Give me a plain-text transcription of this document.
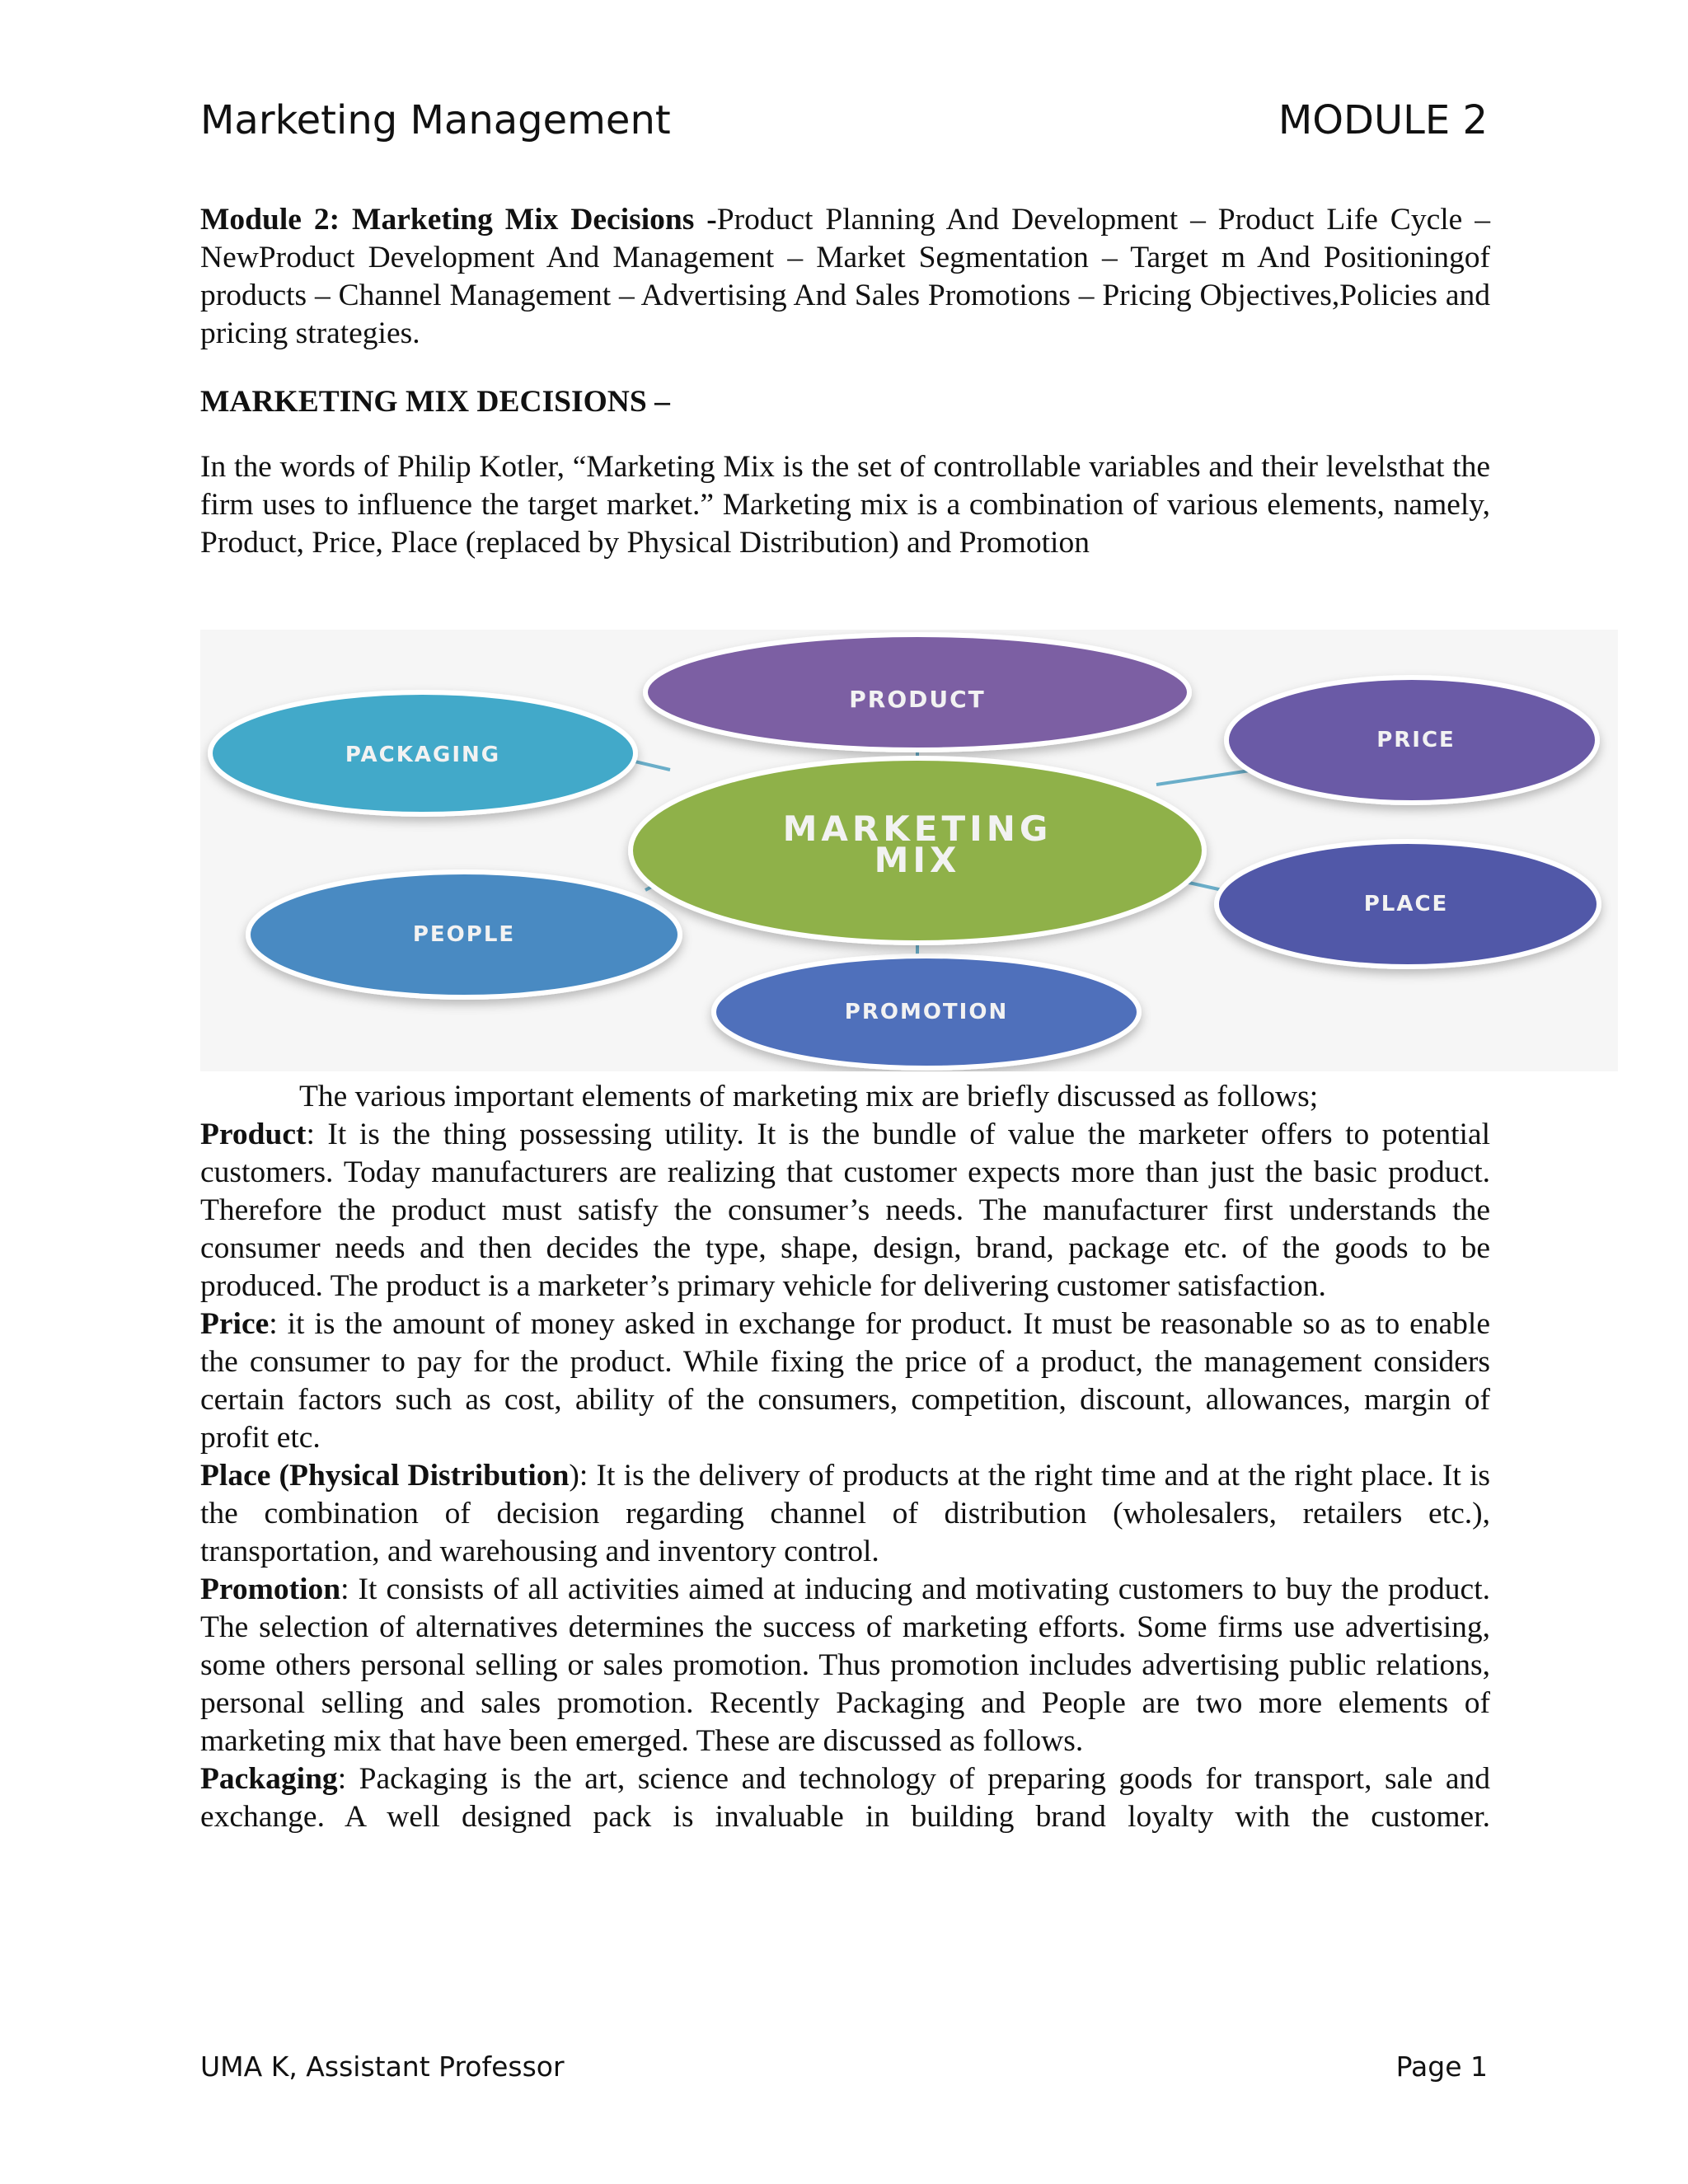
Marketing Management	MODULE 2
Module 2: Marketing Mix Decisions -Product Planning And Development – Product Life Cycle – NewProduct Development And Management – Market Segmentation – Target m And Positioningof products – Channel Management – Advertising And Sales Promotions – Pricing Objectives,Policies and pricing strategies.
MARKETING MIX DECISIONS –
In the words of Philip Kotler, “Marketing Mix is the set of controllable variables and their levelsthat the firm uses to influence the target market.” Marketing mix is a combination of various elements, namely, Product, Price, Place (replaced by Physical Distribution) and Promotion
PRODUCT
PACKAGING
PRICE
PLACE
PEOPLE
PROMOTION
MARKETING
MIX
The various important elements of marketing mix are briefly discussed as follows;

Product: It is the thing possessing utility. It is the bundle of value the marketer offers to potential customers. Today manufacturers are realizing that customer expects more than just the basic product. Therefore the product must satisfy the consumer’s needs. The manufacturer first understands the consumer needs and then decides the type, shape, design, brand, package etc. of the goods to be produced. The product is a marketer’s primary vehicle for delivering customer satisfaction.

Price: it is the amount of money asked in exchange for product. It must be reasonable so as to enable the consumer to pay for the product. While fixing the price of a product, the management considers certain factors such as cost, ability of the consumers, competition, discount, allowances, margin of profit etc.

Place (Physical Distribution): It is the delivery of products at the right time and at the right place. It is the combination of decision regarding channel of distribution (wholesalers, retailers etc.), transportation, and warehousing and inventory control.

Promotion: It consists of all activities aimed at inducing and motivating customers to buy the product. The selection of alternatives determines the success of marketing efforts. Some firms use advertising, some others personal selling or sales promotion. Thus promotion includes advertising public relations, personal selling and sales promotion. Recently Packaging and People are two more elements of marketing mix that have been emerged. These are discussed as follows.

Packaging: Packaging is the art, science and technology of preparing goods for transport, sale and exchange. A well designed pack is invaluable in building brand loyalty with the customer.

UMA K, Assistant Professor	Page 1
